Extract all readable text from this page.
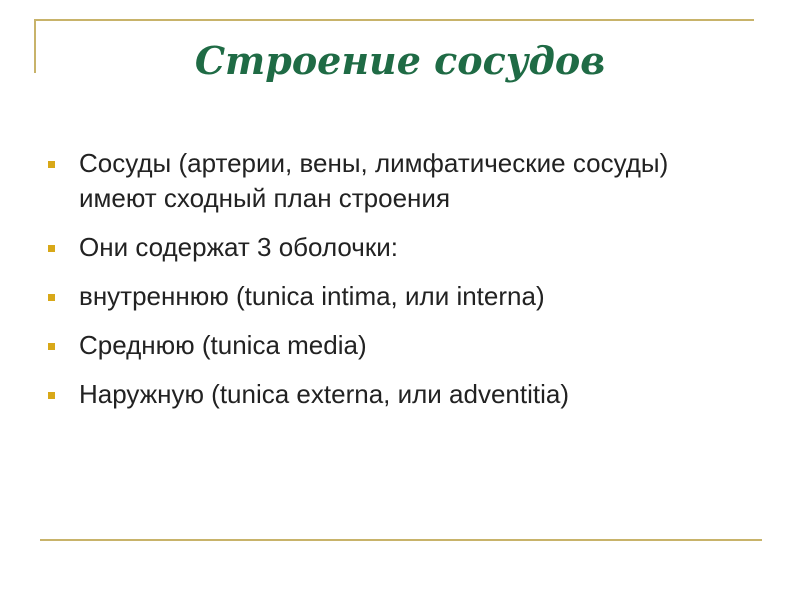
Строение сосудов
Сосуды (артерии, вены, лимфатические сосуды) имеют сходный план строения
Они содержат 3 оболочки:
внутреннюю (tunica intima, или interna)
Среднюю (tunica media)
Наружную (tunica externa, или adventitia)
